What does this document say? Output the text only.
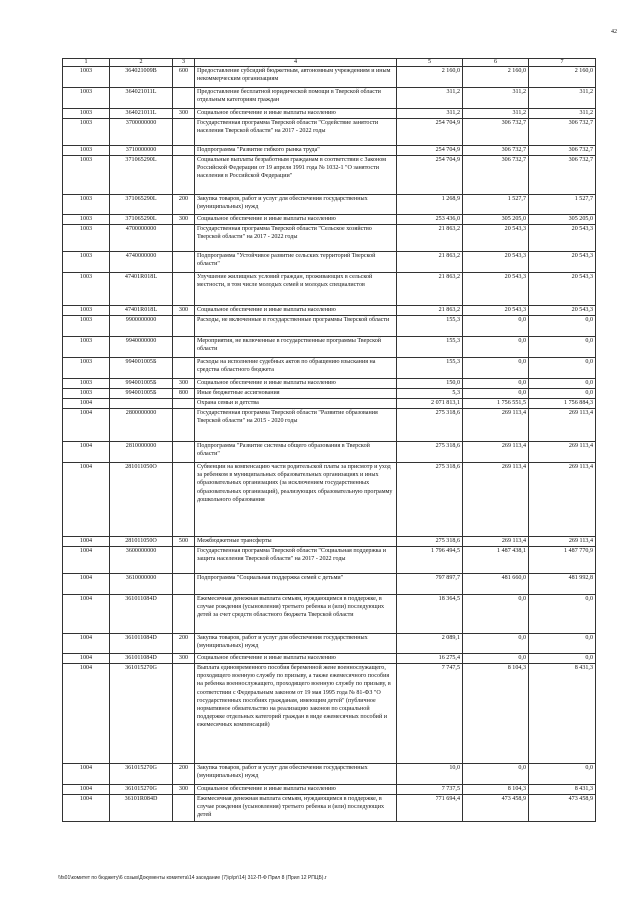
42
1	2	3	4	5	6	7
1003	364021009В	600	Предоставление субсидий бюджетным, автономным учреждениям и иным некоммерческим организациям	2 160,0	2 160,0	2 160,0
1003	364021011L		Предоставление бесплатной юридической помощи в Тверской области отдельным категориям граждан	311,2	311,2	311,2
1003	364021011L	300	Социальное обеспечение и иные выплаты населению	311,2	311,2	311,2
1003	3700000000		Государственная программа Тверской области "Содействие занятости населения Тверской области" на 2017 - 2022 годы	254 704,9	306 732,7	306 732,7
1003	3710000000		Подпрограмма "Развитие гибкого рынка труда"	254 704,9	306 732,7	306 732,7
1003	371065290L		Социальные выплаты безработным гражданам в соответствии с Законом Российской Федерации от 19 апреля 1991 года № 1032-1 "О занятости населения в Российской Федерации"	254 704,9	306 732,7	306 732,7
1003	371065290L	200	Закупка товаров, работ и услуг для обеспечения государственных (муниципальных) нужд	1 268,9	1 527,7	1 527,7
1003	371065290L	300	Социальное обеспечение и иные выплаты населению	253 436,0	305 205,0	305 205,0
1003	4700000000		Государственная программа Тверской области "Сельское хозяйство Тверской области" на 2017 - 2022 годы	21 863,2	20 543,3	20 543,3
1003	4740000000		Подпрограмма "Устойчивое развитие сельских территорий Тверской области"	21 863,2	20 543,3	20 543,3
1003	47401R018L		Улучшение жилищных условий граждан, проживающих в сельской местности, в том числе молодых семей и молодых специалистов	21 863,2	20 543,3	20 543,3
1003	47401R018L	300	Социальное обеспечение и иные выплаты населению	21 863,2	20 543,3	20 543,3
1003	9900000000		Расходы, не включенные в государственные программы Тверской области	155,3	0,0	0,0
1003	9940000000		Мероприятия, не включенные в государственные программы Тверской области	155,3	0,0	0,0
1003	994001005Б		Расходы на исполнение судебных актов по обращению взыскания на средства областного бюджета	155,3	0,0	0,0
1003	994001005Б	300	Социальное обеспечение и иные выплаты населению	150,0	0,0	0,0
1003	994001005Б	800	Иные бюджетные ассигнования	5,3	0,0	0,0
1004			Охрана семьи и детства	2 071 813,1	1 756 551,5	1 756 884,3
1004	2800000000		Государственная программа Тверской области "Развитие образования Тверской области" на 2015 - 2020 годы	275 318,6	269 113,4	269 113,4
1004	2810000000		Подпрограмма "Развитие системы общего образования в Тверской области"	275 318,6	269 113,4	269 113,4
1004	281011050О		Субвенции на компенсацию части родительской платы за присмотр и уход за ребенком в муниципальных образовательных организациях и иных образовательных организациях (за исключением государственных образовательных организаций), реализующих образовательную программу дошкольного образования	275 318,6	269 113,4	269 113,4
1004	281011050О	500	Межбюджетные трансферты	275 318,6	269 113,4	269 113,4
1004	3600000000		Государственная программа Тверской области "Социальная поддержка и защита населения Тверской области" на 2017 - 2022 годы	1 796 494,5	1 487 438,1	1 487 770,9
1004	3610000000		Подпрограмма "Социальная поддержка семей с детьми"	797 897,7	481 660,0	481 992,8
1004	361011084D		Ежемесячная денежная выплата семьям, нуждающимся в поддержке, в случае рождения (усыновления) третьего ребенка и (или) последующих детей за счет средств областного бюджета Тверской области	18 364,5	0,0	0,0
1004	361011084D	200	Закупка товаров, работ и услуг для обеспечения государственных (муниципальных) нужд	2 089,1	0,0	0,0
1004	361011084D	300	Социальное обеспечение и иные выплаты населению	16 275,4	0,0	0,0
1004	361015270G		Выплата единовременного пособия беременной жене военнослужащего, проходящего военную службу по призыву, а также ежемесячного пособия на ребенка военнослужащего, проходящего военную службу по призыву, в соответствии с Федеральным законом от 19 мая 1995 года № 81-ФЗ "О государственных пособиях гражданам, имеющим детей" (публичное нормативное обязательство на реализацию законов по социальной поддержке отдельных категорий граждан в виде ежемесячных пособий и ежемесячных компенсаций)	7 747,5	8 104,3	8 431,3
1004	361015270G	200	Закупка товаров, работ и услуг для обеспечения государственных (муниципальных) нужд	10,0	0,0	0,0
1004	361015270G	300	Социальное обеспечение и иные выплаты населению	7 737,5	8 104,3	8 431,3
1004	36101R084D		Ежемесячная денежная выплата семьям, нуждающимся в поддержке, в случае рождения (усыновления) третьего ребенка и (или) последующих детей	771 694,4	473 458,9	473 458,9
\\fs01\комитет по бюджету\6 созыв\Документы комитета\14 заседание (7)\p\pr\14) 312-П-Ф Прил 8 (Прил 12 РПЦБ).r
